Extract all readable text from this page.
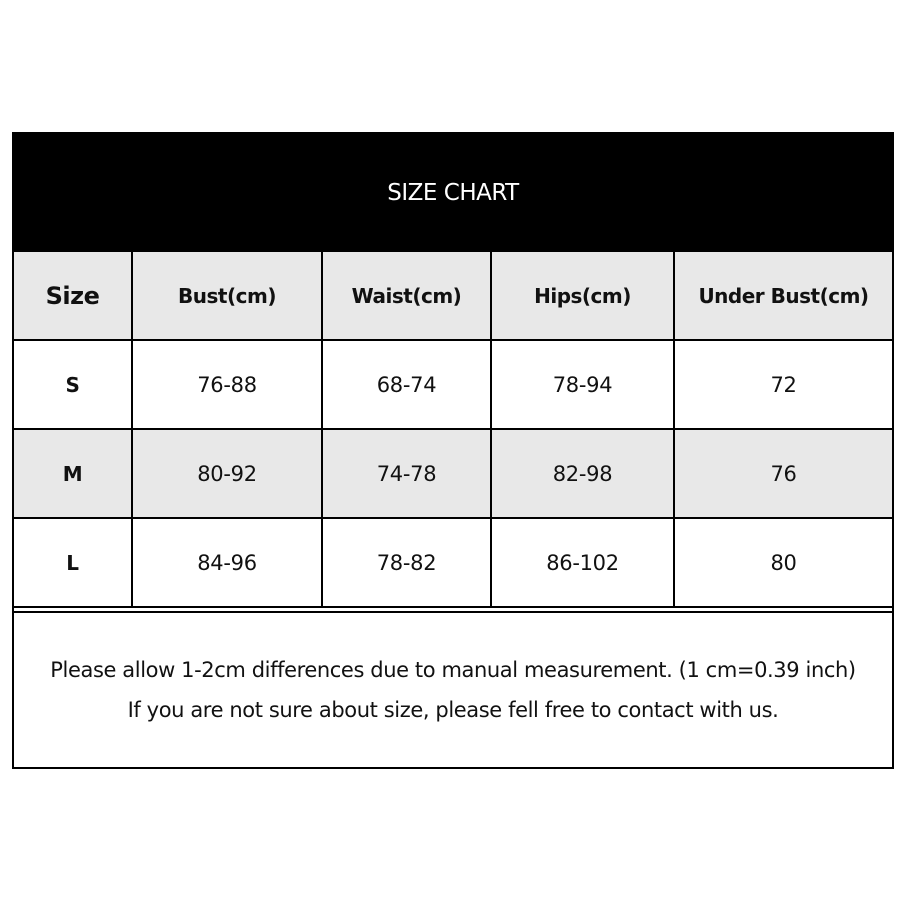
SIZE CHART
Size	Bust(cm)	Waist(cm)	Hips(cm)	Under Bust(cm)
S	76-88	68-74	78-94	72
M	80-92	74-78	82-98	76
L	84-96	78-82	86-102	80
Please allow 1-2cm differences due to manual measurement. (1 cm=0.39 inch)
If you are not sure about size, please fell free to contact with us.
